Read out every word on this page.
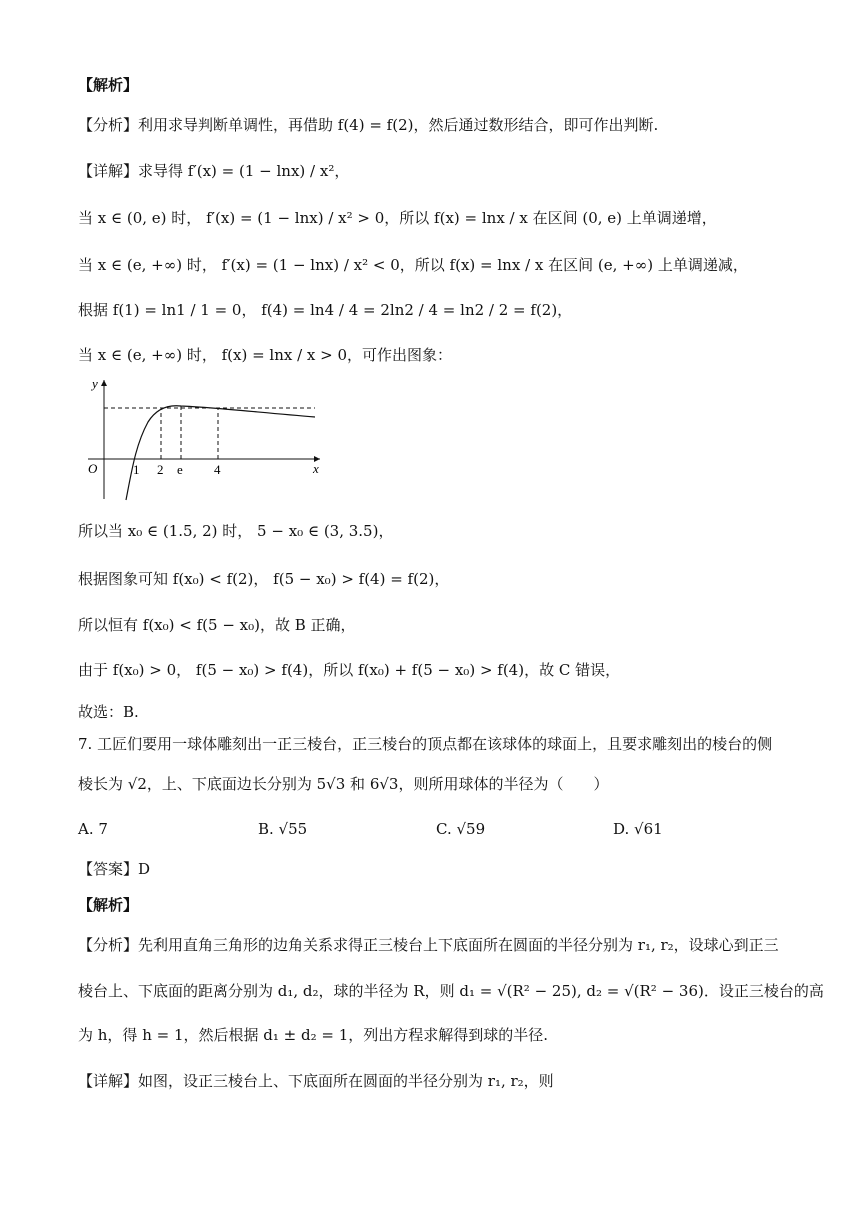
【解析】
【分析】利用求导判断单调性，再借助 f(4) = f(2)，然后通过数形结合，即可作出判断.
【详解】求导得 f′(x) = (1 − lnx) / x²，
当 x ∈ (0, e) 时， f′(x) = (1 − lnx) / x² > 0，所以 f(x) = lnx / x 在区间 (0, e) 上单调递增，
当 x ∈ (e, +∞) 时， f′(x) = (1 − lnx) / x² < 0，所以 f(x) = lnx / x 在区间 (e, +∞) 上单调递减，
根据 f(1) = ln1 / 1 = 0， f(4) = ln4 / 4 = 2ln2 / 4 = ln2 / 2 = f(2)，
当 x ∈ (e, +∞) 时， f(x) = lnx / x > 0，可作出图象：
y
x
O	1 2 e 4
所以当 x₀ ∈ (1.5, 2) 时， 5 − x₀ ∈ (3, 3.5)，
根据图象可知 f(x₀) < f(2)， f(5 − x₀) > f(4) = f(2)，
所以恒有 f(x₀) < f(5 − x₀)，故 B 正确，
由于 f(x₀) > 0， f(5 − x₀) > f(4)，所以 f(x₀) + f(5 − x₀) > f(4)，故 C 错误，
故选：B.
7. 工匠们要用一球体雕刻出一正三棱台，正三棱台的顶点都在该球体的球面上，且要求雕刻出的棱台的侧
棱长为 √2，上、下底面边长分别为 5√3 和 6√3，则所用球体的半径为（　　）
A. 7	B. √55	C. √59	D. √61
【答案】D
【解析】
【分析】先利用直角三角形的边角关系求得正三棱台上下底面所在圆面的半径分别为 r₁, r₂，设球心到正三
棱台上、下底面的距离分别为 d₁, d₂，球的半径为 R，则 d₁ = √(R² − 25), d₂ = √(R² − 36)．设正三棱台的高
为 h，得 h = 1，然后根据 d₁ ± d₂ = 1，列出方程求解得到球的半径.
【详解】如图，设正三棱台上、下底面所在圆面的半径分别为 r₁, r₂，则
